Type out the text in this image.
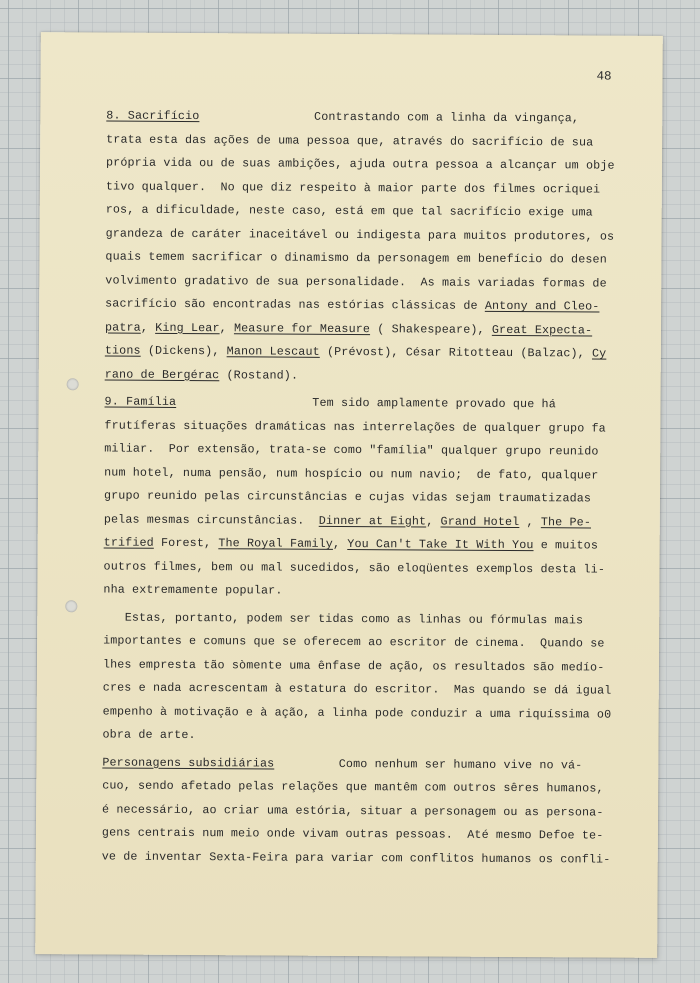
48
8. Sacrifício                Contrastando com a linha da vingança,
trata esta das ações de uma pessoa que, através do sacrifício de sua
própria vida ou de suas ambições, ajuda outra pessoa a alcançar um obje
tivo qualquer.  No que diz respeito à maior parte dos filmes ocriquei
ros, a dificuldade, neste caso, está em que tal sacrifício exige uma
grandeza de caráter inaceitável ou indigesta para muitos produtores, os
quais temem sacrificar o dinamismo da personagem em benefício do desen
volvimento gradativo de sua personalidade.  As mais variadas formas de
sacrifício são encontradas nas estórias clássicas de Antony and Cleo-
patra, King Lear, Measure for Measure ( Shakespeare), Great Expecta-
tions (Dickens), Manon Lescaut (Prévost), César Ritotteau (Balzac), Cy
rano de Bergérac (Rostand).
9. Família                   Tem sido amplamente provado que há
frutíferas situações dramáticas nas interrelações de qualquer grupo fa
miliar.  Por extensão, trata-se como "família" qualquer grupo reunido
num hotel, numa pensão, num hospício ou num navio;  de fato, qualquer
grupo reunido pelas circunstâncias e cujas vidas sejam traumatizadas
pelas mesmas circunstâncias.  Dinner at Eight, Grand Hotel , The Pe-
trified Forest, The Royal Family, You Can't Take It With You e muitos
outros filmes, bem ou mal sucedidos, são eloqüentes exemplos desta li-
nha extremamente popular.
Estas, portanto, podem ser tidas como as linhas ou fórmulas mais
importantes e comuns que se oferecem ao escritor de cinema.  Quando se
lhes empresta tão sòmente uma ênfase de ação, os resultados são medío-
cres e nada acrescentam à estatura do escritor.  Mas quando se dá igual
empenho à motivação e à ação, a linha pode conduzir a uma riquíssima o0
obra de arte.
Personagens subsidiárias         Como nenhum ser humano vive no vá-
cuo, sendo afetado pelas relações que mantêm com outros sêres humanos,
é necessário, ao criar uma estória, situar a personagem ou as persona-
gens centrais num meio onde vivam outras pessoas.  Até mesmo Defoe te-
ve de inventar Sexta-Feira para variar com conflitos humanos os confli-
